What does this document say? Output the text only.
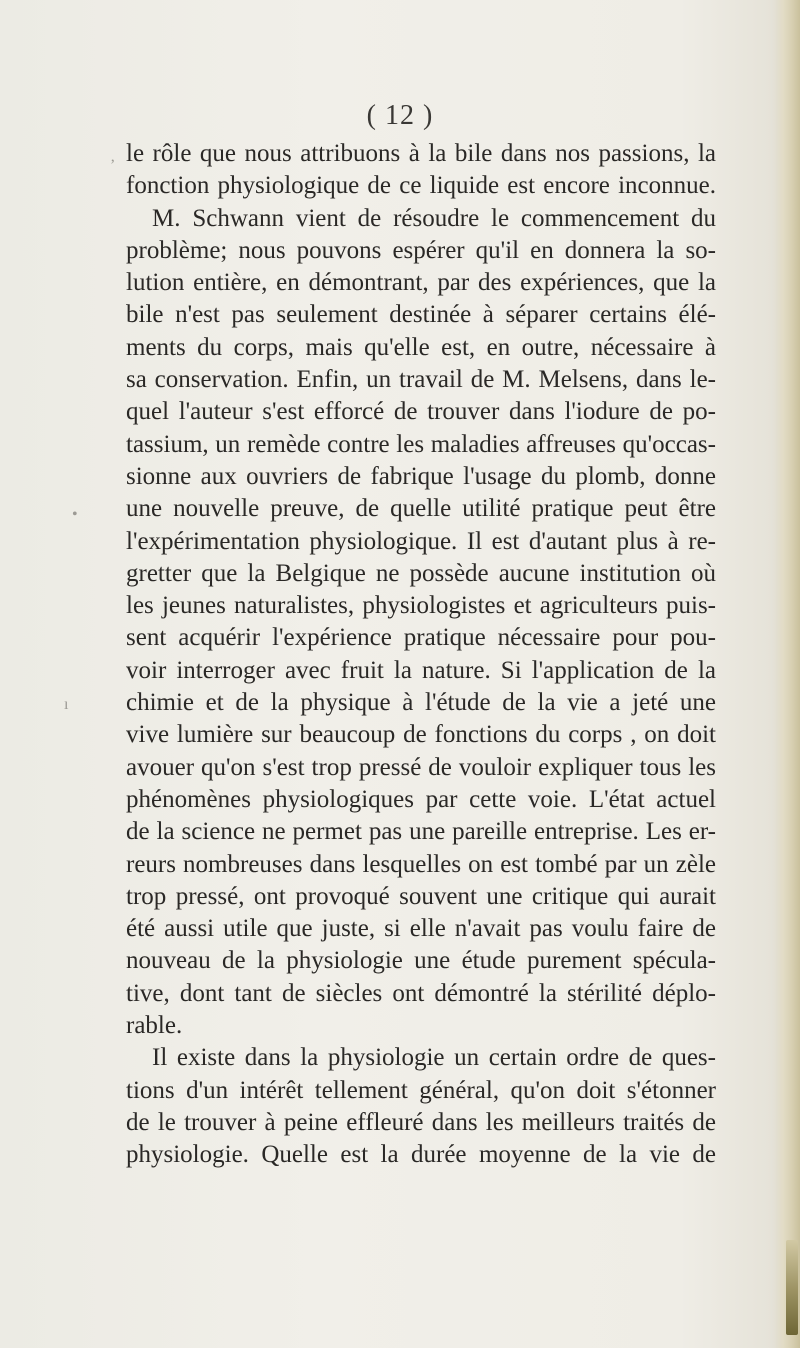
( 12 )
‚
•
ı
le rôle que nous attribuons à la bile dans nos passions, la
fonction physiologique de ce liquide est encore inconnue.
M. Schwann vient de résoudre le commencement du
problème; nous pouvons espérer qu'il en donnera la so-
lution entière, en démontrant, par des expériences, que la
bile n'est pas seulement destinée à séparer certains élé-
ments du corps, mais qu'elle est, en outre, nécessaire à
sa conservation. Enfin, un travail de M. Melsens, dans le-
quel l'auteur s'est efforcé de trouver dans l'iodure de po-
tassium, un remède contre les maladies affreuses qu'occas-
sionne aux ouvriers de fabrique l'usage du plomb, donne
une nouvelle preuve, de quelle utilité pratique peut être
l'expérimentation physiologique. Il est d'autant plus à re-
gretter que la Belgique ne possède aucune institution où
les jeunes naturalistes, physiologistes et agriculteurs puis-
sent acquérir l'expérience pratique nécessaire pour pou-
voir interroger avec fruit la nature. Si l'application de la
chimie et de la physique à l'étude de la vie a jeté une
vive lumière sur beaucoup de fonctions du corps , on doit
avouer qu'on s'est trop pressé de vouloir expliquer tous les
phénomènes physiologiques par cette voie. L'état actuel
de la science ne permet pas une pareille entreprise. Les er-
reurs nombreuses dans lesquelles on est tombé par un zèle
trop pressé, ont provoqué souvent une critique qui aurait
été aussi utile que juste, si elle n'avait pas voulu faire de
nouveau de la physiologie une étude purement spécula-
tive, dont tant de siècles ont démontré la stérilité déplo-
rable.
Il existe dans la physiologie un certain ordre de ques-
tions d'un intérêt tellement général, qu'on doit s'étonner
de le trouver à peine effleuré dans les meilleurs traités de
physiologie. Quelle est la durée moyenne de la vie de
